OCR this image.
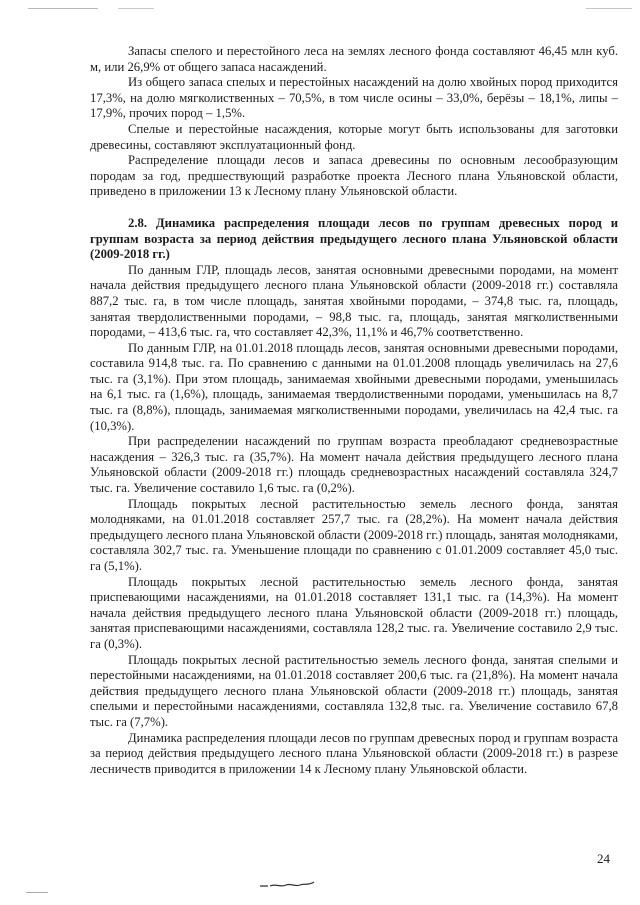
Запасы спелого и перестойного леса на землях лесного фонда составляют 46,45 млн куб. м, или 26,9% от общего запаса насаждений.

Из общего запаса спелых и перестойных насаждений на долю хвойных пород приходится 17,3%, на долю мягколиственных – 70,5%, в том числе осины – 33,0%, берёзы – 18,1%, липы – 17,9%, прочих пород – 1,5%.

Спелые и перестойные насаждения, которые могут быть использованы для заготовки древесины, составляют эксплуатационный фонд.

Распределение площади лесов и запаса древесины по основным лесообразующим породам за год, предшествующий разработке проекта Лесного плана Ульяновской области, приведено в приложении 13 к Лесному плану Ульяновской области.

2.8. Динамика распределения площади лесов по группам древесных пород и группам возраста за период действия предыдущего лесного плана Ульяновской области (2009-2018 гг.)

По данным ГЛР, площадь лесов, занятая основными древесными породами, на момент начала действия предыдущего лесного плана Ульяновской области (2009-2018 гг.) составляла 887,2 тыс. га, в том числе площадь, занятая хвойными породами, – 374,8 тыс. га, площадь, занятая твердолиственными породами, – 98,8 тыс. га, площадь, занятая мягколиственными породами, – 413,6 тыс. га, что составляет 42,3%, 11,1% и 46,7% соответственно.

По данным ГЛР, на 01.01.2018 площадь лесов, занятая основными древесными породами, составила 914,8 тыс. га. По сравнению с данными на 01.01.2008 площадь увеличилась на 27,6 тыс. га (3,1%). При этом площадь, занимаемая хвойными древесными породами, уменьшилась на 6,1 тыс. га (1,6%), площадь, занимаемая твердолиственными породами, уменьшилась на 8,7 тыс. га (8,8%), площадь, занимаемая мягколиственными породами, увеличилась на 42,4 тыс. га (10,3%).

При распределении насаждений по группам возраста преобладают средневозрастные насаждения – 326,3 тыс. га (35,7%). На момент начала действия предыдущего лесного плана Ульяновской области (2009-2018 гг.) площадь средневозрастных насаждений составляла 324,7 тыс. га. Увеличение составило 1,6 тыс. га (0,2%).

Площадь покрытых лесной растительностью земель лесного фонда, занятая молодняками, на 01.01.2018 составляет 257,7 тыс. га (28,2%). На момент начала действия предыдущего лесного плана Ульяновской области (2009-2018 гг.) площадь, занятая молодняками, составляла 302,7 тыс. га. Уменьшение площади по сравнению с 01.01.2009 составляет 45,0 тыс. га (5,1%).

Площадь покрытых лесной растительностью земель лесного фонда, занятая приспевающими насаждениями, на 01.01.2018 составляет 131,1 тыс. га (14,3%). На момент начала действия предыдущего лесного плана Ульяновской области (2009-2018 гг.) площадь, занятая приспевающими насаждениями, составляла 128,2 тыс. га. Увеличение составило 2,9 тыс. га (0,3%).

Площадь покрытых лесной растительностью земель лесного фонда, занятая спелыми и перестойными насаждениями, на 01.01.2018 составляет 200,6 тыс. га (21,8%). На момент начала действия предыдущего лесного плана Ульяновской области (2009-2018 гг.) площадь, занятая спелыми и перестойными насаждениями, составляла 132,8 тыс. га. Увеличение составило 67,8 тыс. га (7,7%).

Динамика распределения площади лесов по группам древесных пород и группам возраста за период действия предыдущего лесного плана Ульяновской области (2009-2018 гг.) в разрезе лесничеств приводится в приложении 14 к Лесному плану Ульяновской области.

24
